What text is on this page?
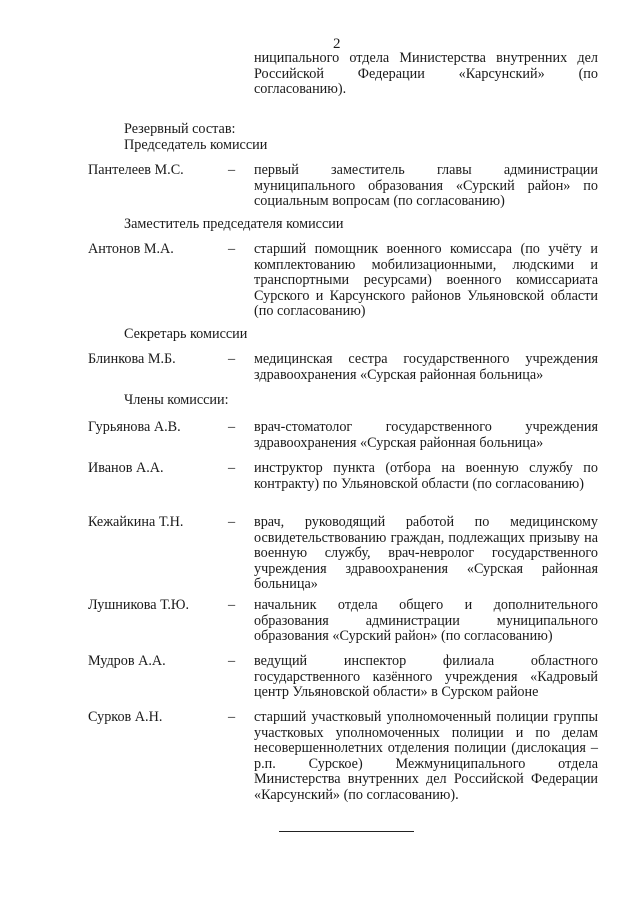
2
ниципального отдела Министерства внутренних дел Российской Федерации «Карсунский» (по согласованию).
Резервный состав:
Председатель комиссии
Пантелеев М.С.	– первый заместитель главы администрации муниципального образования «Сурский район» по социальным вопросам (по согласованию)
Заместитель председателя комиссии
Антонов М.А.	– старший помощник военного комиссара (по учёту и комплектованию мобилизационными, людскими и транспортными ресурсами) военного комиссариата Сурского и Карсунского районов Ульяновской области (по согласованию)
Секретарь комиссии
Блинкова М.Б.	– медицинская сестра государственного учреждения здравоохранения «Сурская районная больница»
Члены комиссии:
Гурьянова А.В.	– врач-стоматолог государственного учреждения здравоохранения «Сурская районная больница»
Иванов А.А.	– инструктор пункта (отбора на военную службу по контракту) по Ульяновской области (по согласованию)
Кежайкина Т.Н.	– врач, руководящий работой по медицинскому освидетельствованию граждан, подлежащих призыву на военную службу, врач-невролог государственного учреждения здравоохранения «Сурская районная больница»
Лушникова Т.Ю.	– начальник отдела общего и дополнительного образования администрации муниципального образования «Сурский район» (по согласованию)
Мудров А.А.	– ведущий инспектор филиала областного государственного казённого учреждения «Кадровый центр Ульяновской области» в Сурском районе
Сурков А.Н.	– старший участковый уполномоченный полиции группы участковых уполномоченных полиции и по делам несовершеннолетних отделения полиции (дислокация – р.п. Сурское) Межмуниципального отдела Министерства внутренних дел Российской Федерации «Карсунский» (по согласованию).
